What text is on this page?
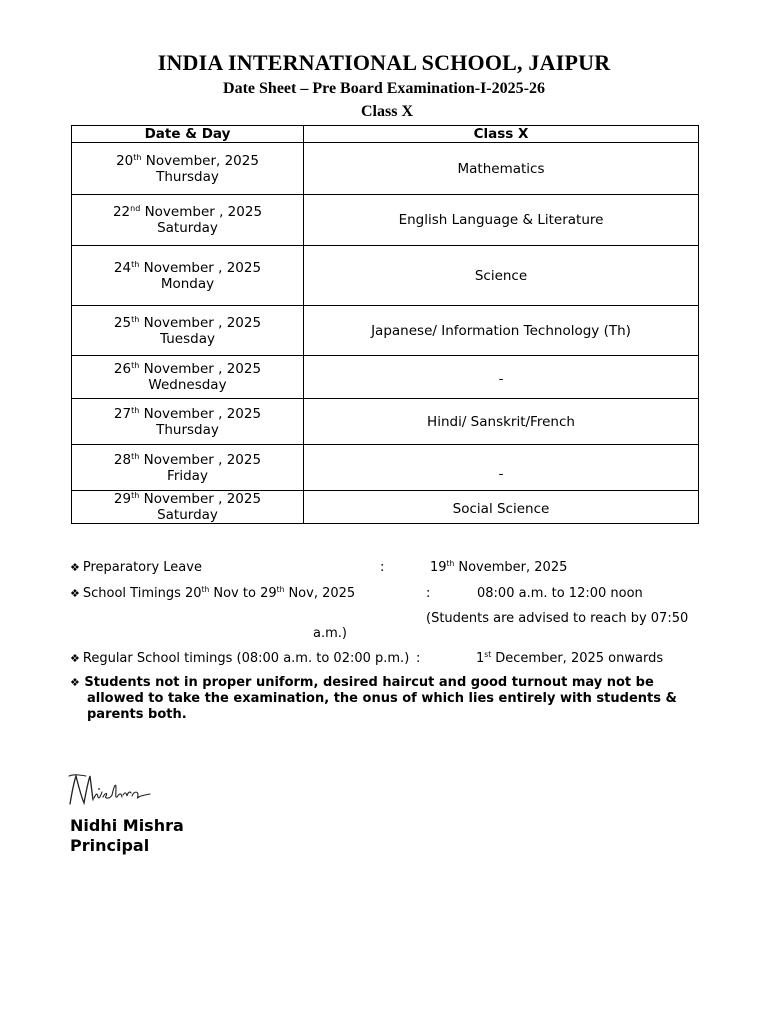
INDIA INTERNATIONAL SCHOOL, JAIPUR
Date Sheet – Pre Board Examination-I-2025-26
Class X
Date & Day	Class X
20th November, 2025
Thursday	Mathematics
22nd November , 2025
Saturday	English Language & Literature
24th November , 2025
Monday	Science
25th November , 2025
Tuesday	Japanese/ Information Technology (Th)
26th November , 2025
Wednesday	-
27th November , 2025
Thursday	Hindi/ Sanskrit/French
28th November , 2025
Friday	-
29th November , 2025
Saturday	Social Science
❖ Preparatory Leave	:	19th November, 2025
❖ School Timings 20th Nov to 29th Nov, 2025	:	08:00 a.m. to 12:00 noon
(Students are advised to reach by 07:50
a.m.)
❖ Regular School timings (08:00 a.m. to 02:00 p.m.) :	1st December, 2025 onwards
❖ Students not in proper uniform, desired haircut and good turnout may not be
allowed to take the examination, the onus of which lies entirely with students &
parents both.
Nidhi Mishra
Principal
